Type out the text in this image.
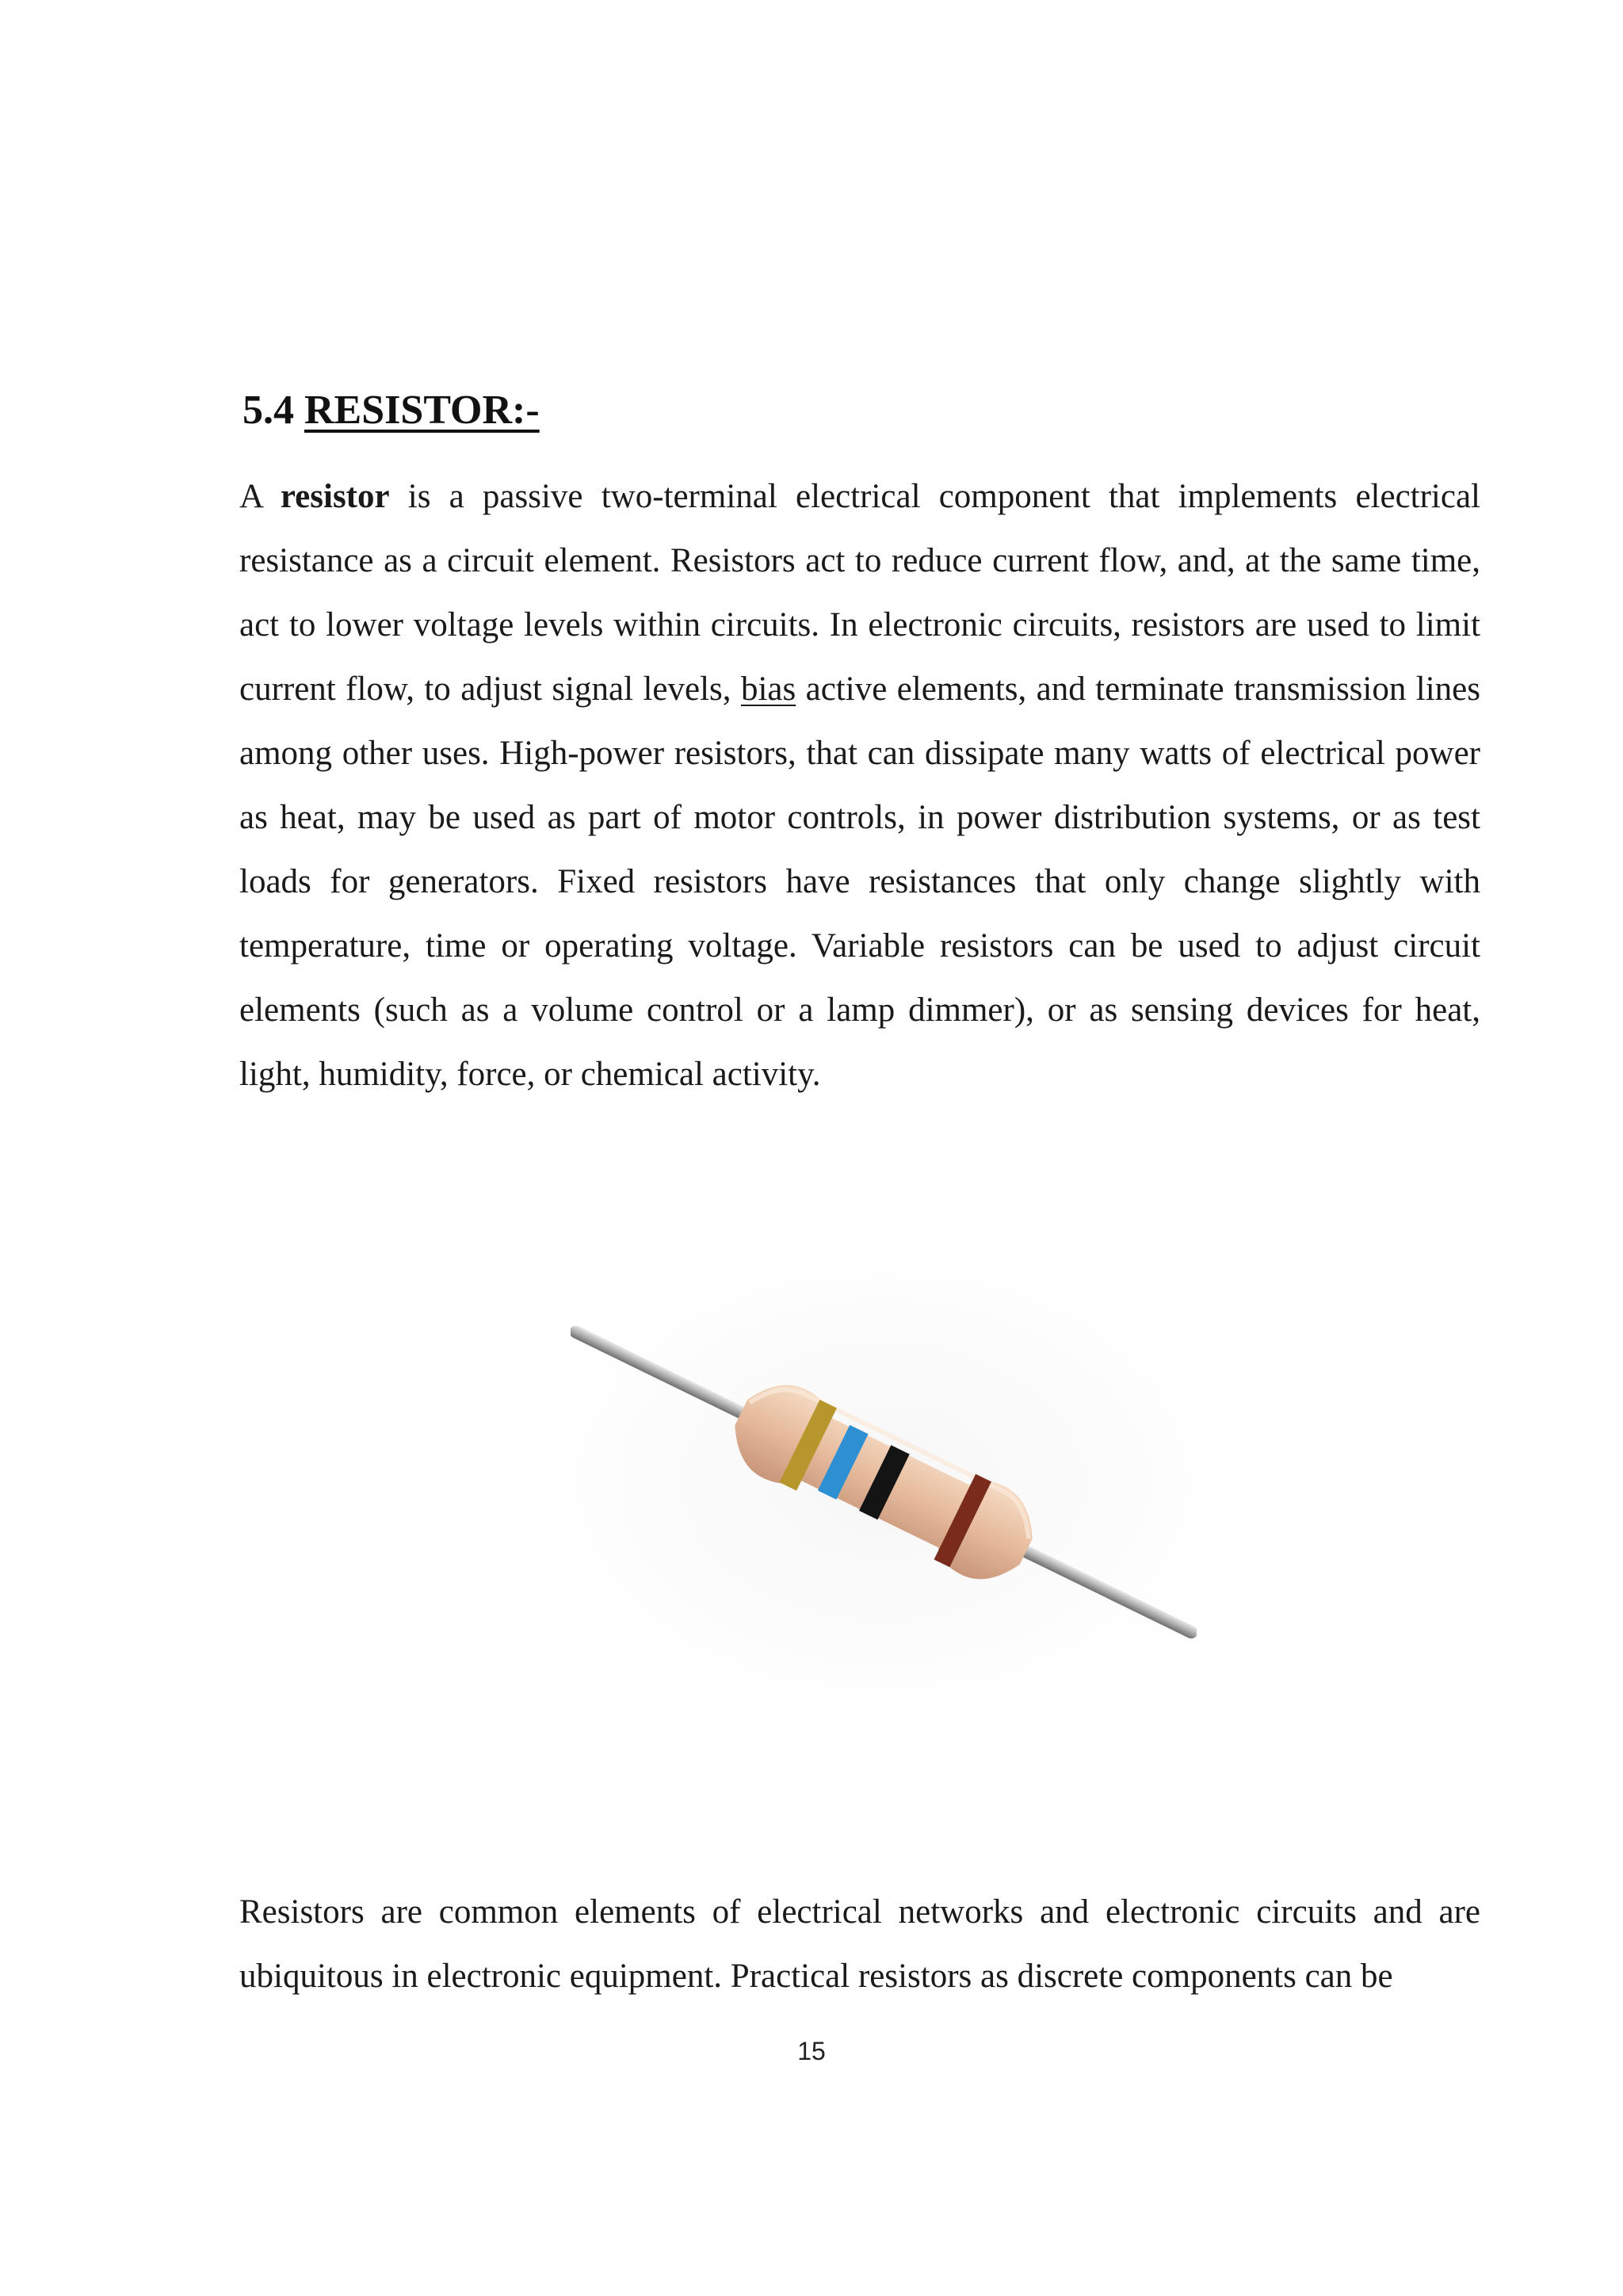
5.4 RESISTOR:-

A resistor is a passive two-terminal electrical component that implements electrical resistance as a circuit element. Resistors act to reduce current flow, and, at the same time, act to lower voltage levels within circuits. In electronic circuits, resistors are used to limit current flow, to adjust signal levels, bias active elements, and terminate transmission lines among other uses. High-power resistors, that can dissipate many watts of electrical power as heat, may be used as part of motor controls, in power distribution systems, or as test loads for generators. Fixed resistors have resistances that only change slightly with temperature, time or operating voltage. Variable resistors can be used to adjust circuit elements (such as a volume control or a lamp dimmer), or as sensing devices for heat, light, humidity, force, or chemical activity.

Resistors are common elements of electrical networks and electronic circuits and are ubiquitous in electronic equipment. Practical resistors as discrete components can be

15
